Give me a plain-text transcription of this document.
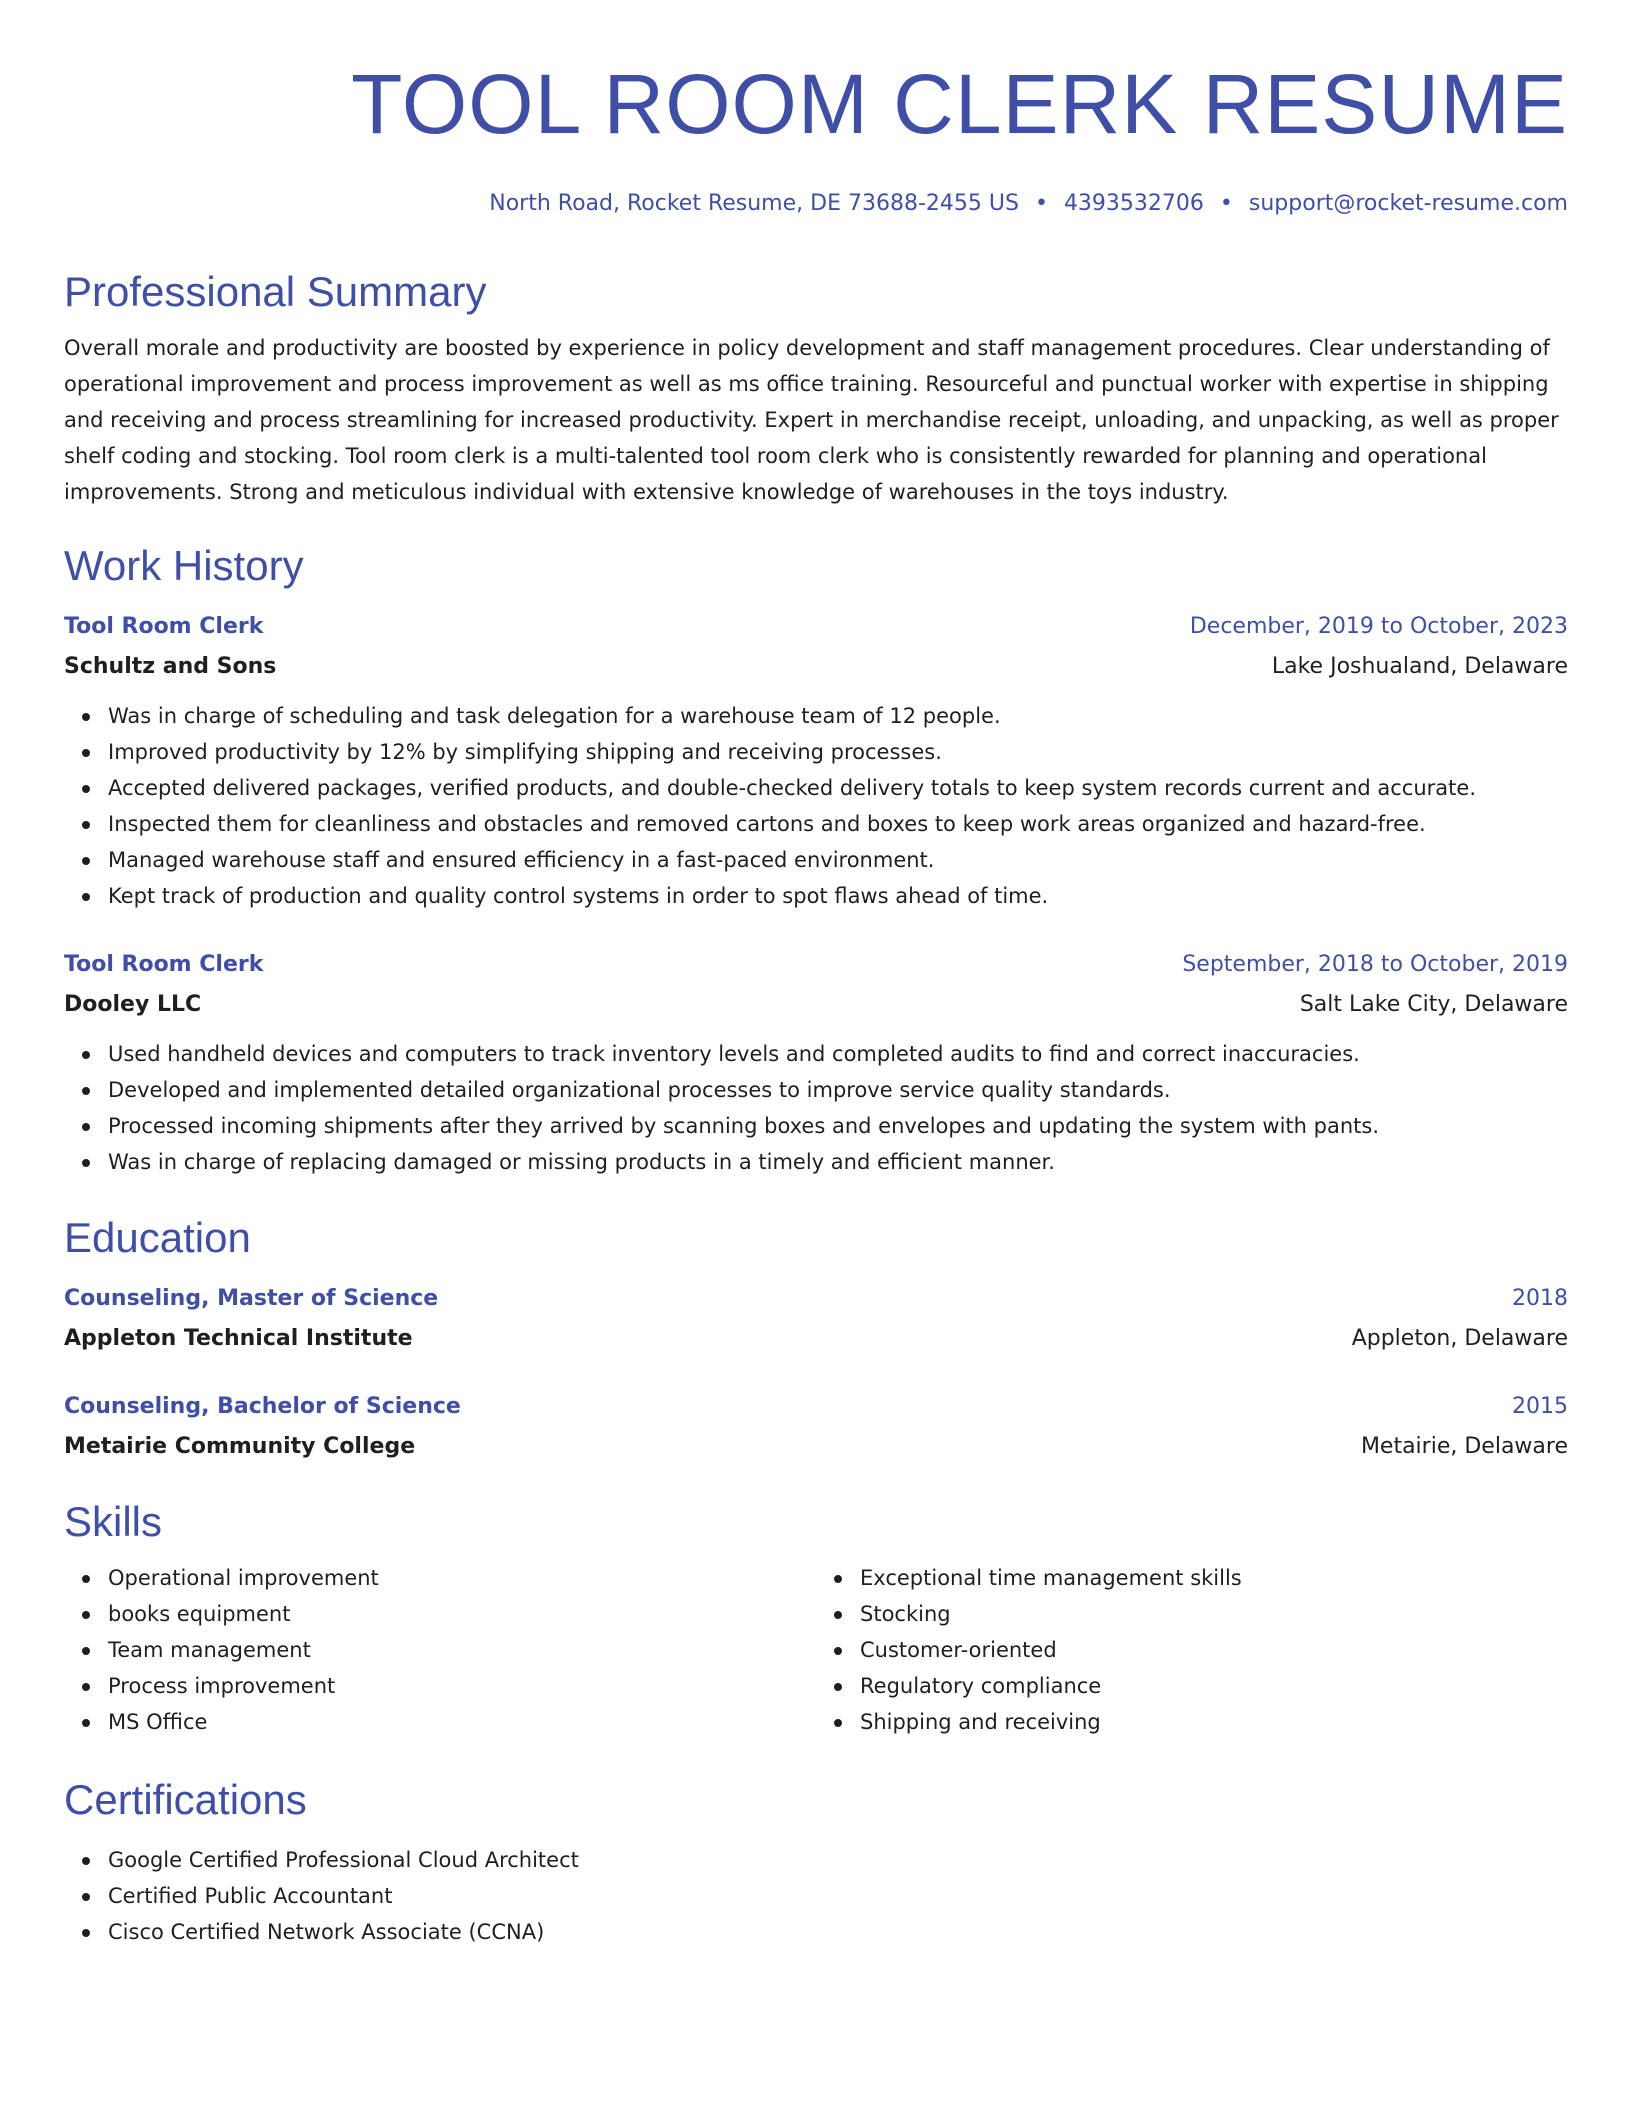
TOOL ROOM CLERK RESUME
North Road, Rocket Resume, DE 73688-2455 US • 4393532706 • support@rocket-resume.com
Professional Summary

Overall morale and productivity are boosted by experience in policy development and staff management procedures. Clear understanding of operational improvement and process improvement as well as ms office training. Resourceful and punctual worker with expertise in shipping and receiving and process streamlining for increased productivity. Expert in merchandise receipt, unloading, and unpacking, as well as proper shelf coding and stocking. Tool room clerk is a multi-talented tool room clerk who is consistently rewarded for planning and operational improvements. Strong and meticulous individual with extensive knowledge of warehouses in the toys industry.

Work History
Tool Room Clerk	December, 2019 to October, 2023
Schultz and Sons	Lake Joshualand, Delaware
Was in charge of scheduling and task delegation for a warehouse team of 12 people.
Improved productivity by 12% by simplifying shipping and receiving processes.
Accepted delivered packages, verified products, and double-checked delivery totals to keep system records current and accurate.
Inspected them for cleanliness and obstacles and removed cartons and boxes to keep work areas organized and hazard-free.
Managed warehouse staff and ensured efficiency in a fast-paced environment.
Kept track of production and quality control systems in order to spot flaws ahead of time.
Tool Room Clerk	September, 2018 to October, 2019
Dooley LLC	Salt Lake City, Delaware
Used handheld devices and computers to track inventory levels and completed audits to find and correct inaccuracies.
Developed and implemented detailed organizational processes to improve service quality standards.
Processed incoming shipments after they arrived by scanning boxes and envelopes and updating the system with pants.
Was in charge of replacing damaged or missing products in a timely and efficient manner.
Education
Counseling, Master of Science	2018
Appleton Technical Institute	Appleton, Delaware
Counseling, Bachelor of Science	2015
Metairie Community College	Metairie, Delaware
Skills
Operational improvement
books equipment
Team management
Process improvement
MS Office
Exceptional time management skills
Stocking
Customer-oriented
Regulatory compliance
Shipping and receiving
Certifications
Google Certified Professional Cloud Architect
Certified Public Accountant
Cisco Certified Network Associate (CCNA)
